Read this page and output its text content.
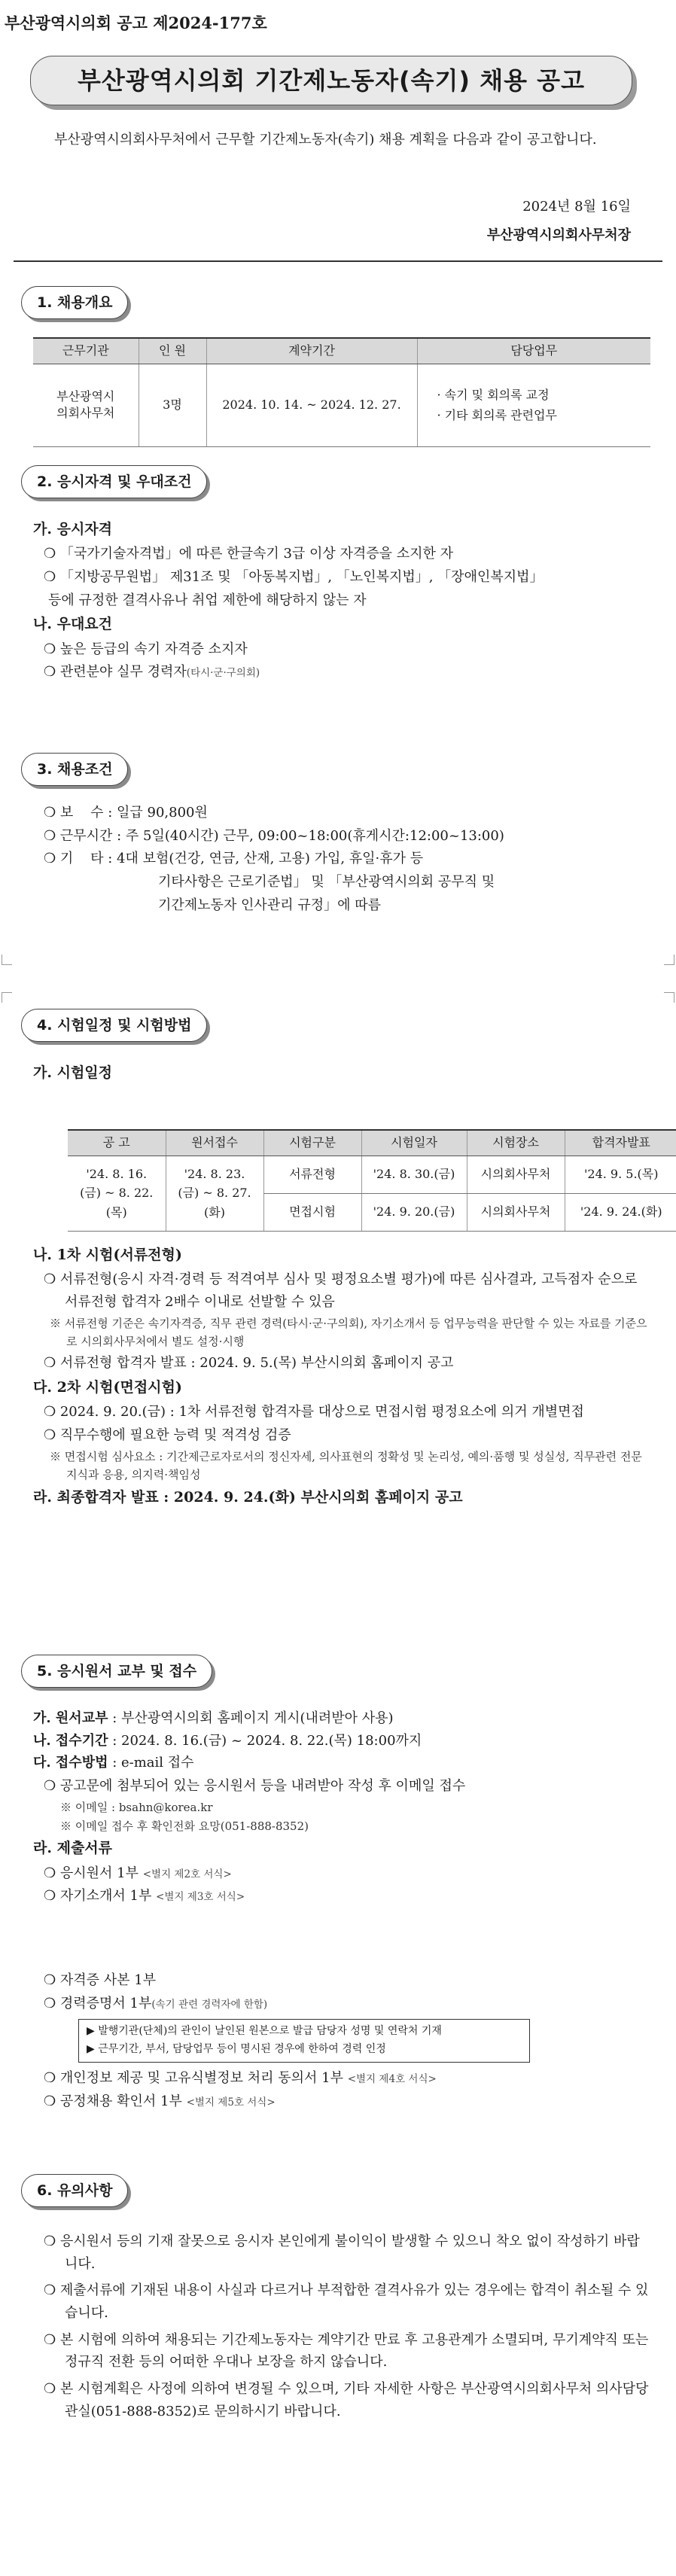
부산광역시의회 공고 제2024-177호
부산광역시의회 기간제노동자(속기) 채용 공고
부산광역시의회사무처에서 근무할 기간제노동자(속기) 채용 계획을 다음과 같이 공고합니다.
2024년 8월 16일
부산광역시의회사무처장
1. 채용개요
근무기관	인 원	계약기간	담당업무
부산광역시 의회사무처	3명	2024. 10. 14. ~ 2024. 12. 27.	· 속기 및 회의록 교정
· 기타 회의록 관련업무
2. 응시자격 및 우대조건
가. 응시자격
❍ 「국가기술자격법」에 따른 한글속기 3급 이상 자격증을 소지한 자
❍ 「지방공무원법」 제31조 및 「아동복지법」, 「노인복지법」, 「장애인복지법」
등에 규정한 결격사유나 취업 제한에 해당하지 않는 자
나. 우대요건
❍ 높은 등급의 속기 자격증 소지자
❍ 관련분야 실무 경력자(타시·군·구의회)
3. 채용조건
❍ 보    수 : 일급 90,800원
❍ 근무시간 : 주 5일(40시간) 근무, 09:00~18:00(휴게시간:12:00~13:00)
❍ 기    타 : 4대 보험(건강, 연금, 산재, 고용) 가입, 휴일·휴가 등
기타사항은 근로기준법」 및 「부산광역시의회 공무직 및
기간제노동자 인사관리 규정」에 따름
4. 시험일정 및 시험방법
가. 시험일정
공 고	원서접수	시험구분	시험일자	시험장소	합격자발표
'24. 8. 16.(금) ~ 8. 22.(목)	'24. 8. 23.(금) ~ 8. 27.(화)	서류전형	'24. 8. 30.(금)	시의회사무처	'24. 9. 5.(목)
		면접시험	'24. 9. 20.(금)	시의회사무처	'24. 9. 24.(화)
나. 1차 시험(서류전형)
❍ 서류전형(응시 자격·경력 등 적격여부 심사 및 평정요소별 평가)에 따른 심사결과, 고득점자 순으로 서류전형 합격자 2배수 이내로 선발할 수 있음
※ 서류전형 기준은 속기자격증, 직무 관련 경력(타시·군·구의회), 자기소개서 등 업무능력을 판단할 수 있는 자료를 기준으로 시의회사무처에서 별도 설정·시행
❍ 서류전형 합격자 발표 : 2024. 9. 5.(목) 부산시의회 홈페이지 공고
다. 2차 시험(면접시험)
❍ 2024. 9. 20.(금) : 1차 서류전형 합격자를 대상으로 면접시험 평정요소에 의거 개별면접
❍ 직무수행에 필요한 능력 및 적격성 검증
※ 면접시험 심사요소 : 기간제근로자로서의 정신자세, 의사표현의 정확성 및 논리성, 예의·품행 및 성실성, 직무관련 전문지식과 응용, 의지력·책임성
라. 최종합격자 발표 : 2024. 9. 24.(화) 부산시의회 홈페이지 공고
5. 응시원서 교부 및 접수
가. 원서교부 : 부산광역시의회 홈페이지 게시(내려받아 사용)
나. 접수기간 : 2024. 8. 16.(금) ~ 2024. 8. 22.(목) 18:00까지
다. 접수방법 : e-mail 접수
❍ 공고문에 첨부되어 있는 응시원서 등을 내려받아 작성 후 이메일 접수
※ 이메일 : bsahn@korea.kr
※ 이메일 접수 후 확인전화 요망(051-888-8352)
라. 제출서류
❍ 응시원서 1부 <별지 제2호 서식>
❍ 자기소개서 1부 <별지 제3호 서식>
❍ 자격증 사본 1부
❍ 경력증명서 1부(속기 관련 경력자에 한함)
▶ 발행기관(단체)의 관인이 날인된 원본으로 발급 담당자 성명 및 연락처 기재
▶ 근무기간, 부서, 담당업무 등이 명시된 경우에 한하여 경력 인정
❍ 개인정보 제공 및 고유식별정보 처리 동의서 1부 <별지 제4호 서식>
❍ 공정채용 확인서 1부 <별지 제5호 서식>
6. 유의사항
❍ 응시원서 등의 기재 잘못으로 응시자 본인에게 불이익이 발생할 수 있으니 착오 없이 작성하기 바랍니다.
❍ 제출서류에 기재된 내용이 사실과 다르거나 부적합한 결격사유가 있는 경우에는 합격이 취소될 수 있습니다.
❍ 본 시험에 의하여 채용되는 기간제노동자는 계약기간 만료 후 고용관계가 소멸되며, 무기계약직 또는 정규직 전환 등의 어떠한 우대나 보장을 하지 않습니다.
❍ 본 시험계획은 사정에 의하여 변경될 수 있으며, 기타 자세한 사항은 부산광역시의회사무처 의사담당관실(051-888-8352)로 문의하시기 바랍니다.
